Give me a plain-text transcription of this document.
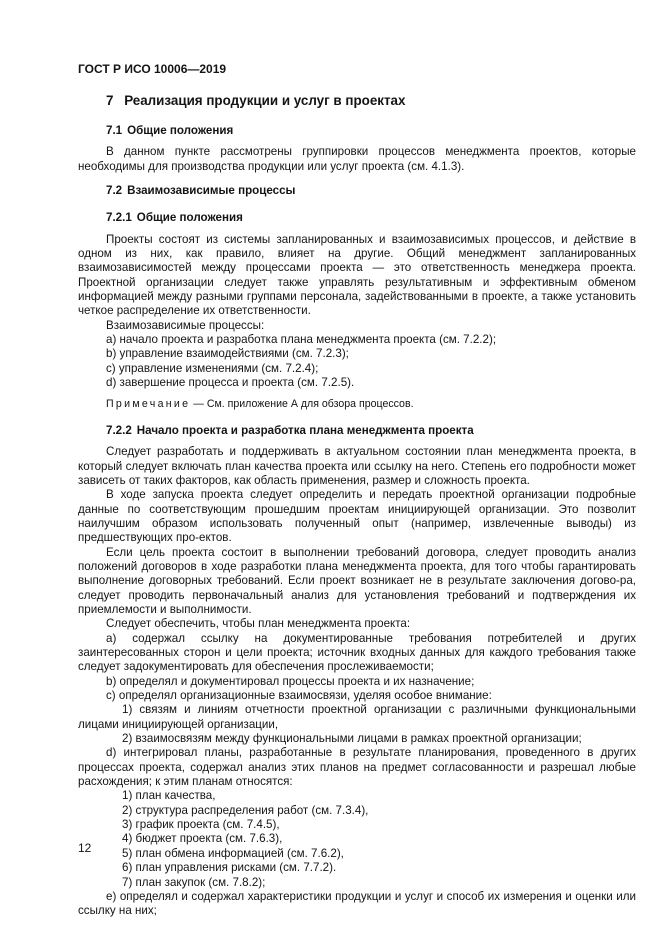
ГОСТ Р ИСО 10006—2019
7 Реализация продукции и услуг в проектах
7.1 Общие положения

В данном пункте рассмотрены группировки процессов менеджмента проектов, которые необходимы для производства продукции или услуг проекта (см. 4.1.3).

7.2 Взаимозависимые процессы
7.2.1 Общие положения

Проекты состоят из системы запланированных и взаимозависимых процессов, и действие в одном из них, как правило, влияет на другие. Общий менеджмент запланированных взаимозависимостей между процессами проекта — это ответственность менеджера проекта. Проектной организации следует также управлять результативным и эффективным обменом информацией между разными группами персонала, задействованными в проекте, а также установить четкое распределение их ответственности.

Взаимозависимые процессы:

a) начало проекта и разработка плана менеджмента проекта (см. 7.2.2);

b) управление взаимодействиями (см. 7.2.3);

c) управление изменениями (см. 7.2.4);

d) завершение процесса и проекта (см. 7.2.5).

Примечание — См. приложение А для обзора процессов.

7.2.2 Начало проекта и разработка плана менеджмента проекта

Следует разработать и поддерживать в актуальном состоянии план менеджмента проекта, в который следует включать план качества проекта или ссылку на него. Степень его подробности может зависеть от таких факторов, как область применения, размер и сложность проекта.

В ходе запуска проекта следует определить и передать проектной организации подробные данные по соответствующим прошедшим проектам инициирующей организации. Это позволит наилучшим образом использовать полученный опыт (например, извлеченные выводы) из предшествующих про-ектов.

Если цель проекта состоит в выполнении требований договора, следует проводить анализ положений договоров в ходе разработки плана менеджмента проекта, для того чтобы гарантировать выполнение договорных требований. Если проект возникает не в результате заключения догово-ра, следует проводить первоначальный анализ для установления требований и подтверждения их приемлемости и выполнимости.

Следует обеспечить, чтобы план менеджмента проекта:

a) содержал ссылку на документированные требования потребителей и других заинтересованных сторон и цели проекта; источник входных данных для каждого требования также следует задокументировать для обеспечения прослеживаемости;

b) определял и документировал процессы проекта и их назначение;

c) определял организационные взаимосвязи, уделяя особое внимание:

1) связям и линиям отчетности проектной организации с различными функциональными лицами инициирующей организации,

2) взаимосвязям между функциональными лицами в рамках проектной организации;

d) интегрировал планы, разработанные в результате планирования, проведенного в других процессах проекта, содержал анализ этих планов на предмет согласованности и разрешал любые расхождения; к этим планам относятся:

1) план качества,

2) структура распределения работ (см. 7.3.4),

3) график проекта (см. 7.4.5),

4) бюджет проекта (см. 7.6.3),

5) план обмена информацией (см. 7.6.2),

6) план управления рисками (см. 7.7.2).

7) план закупок (см. 7.8.2);

e) определял и содержал характеристики продукции и услуг и способ их измерения и оценки или ссылку на них;

12
